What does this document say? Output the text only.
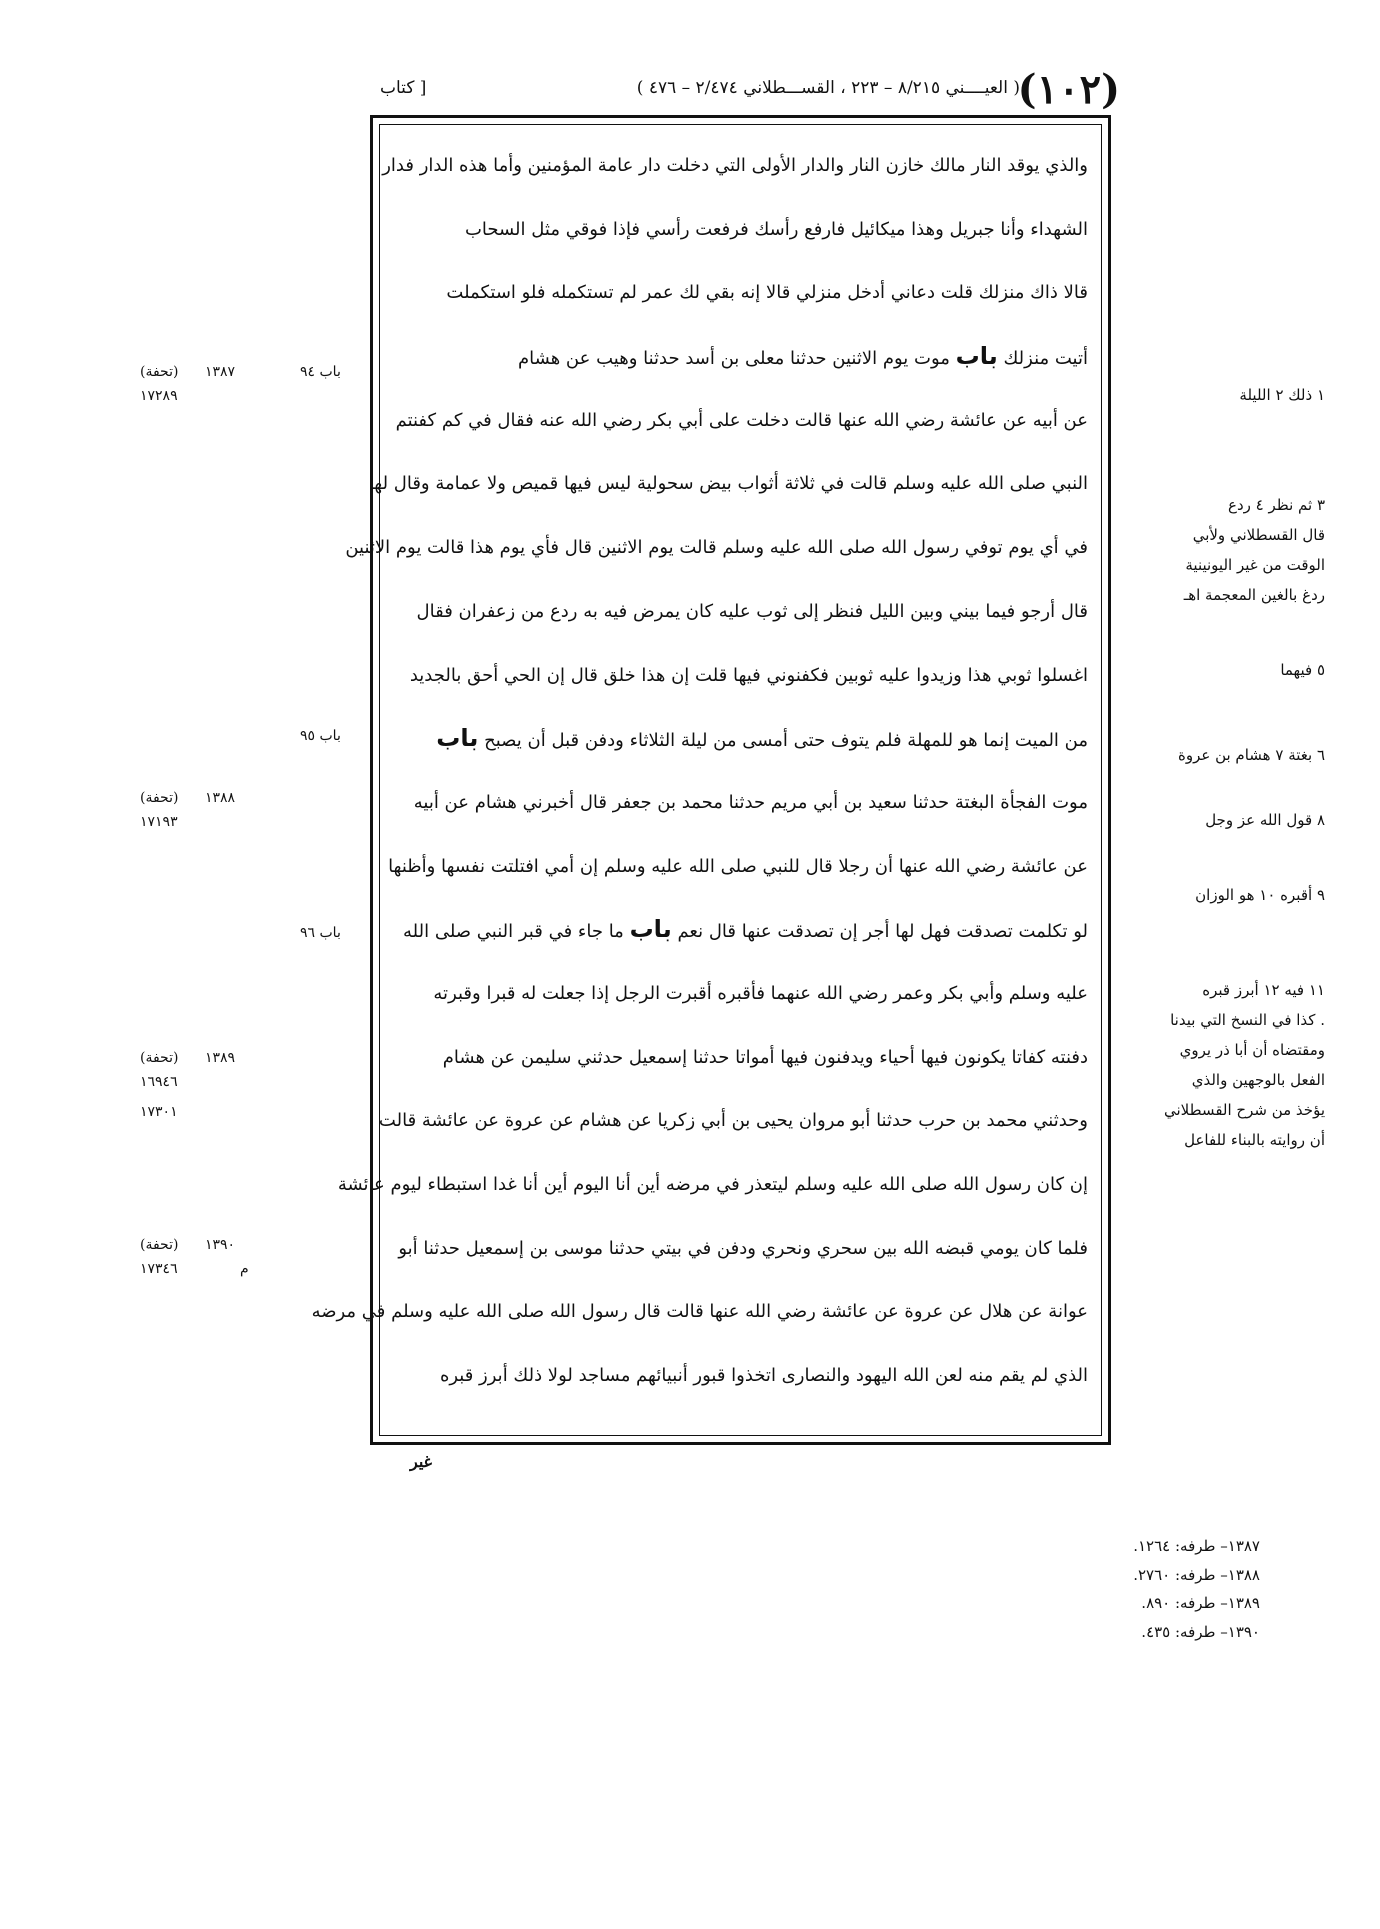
(١٠٢)
( العيــــني ٨/٢١٥ – ٢٢٣ ، القســـطلاني ٢/٤٧٤ – ٤٧٦ )
[ كتاب
والذي يوقد النار مالك خازن النار والدار الأولى التي دخلت دار عامة المؤمنين وأما هذه الدار فدار
الشهداء وأنا جبريل وهذا ميكائيل فارفع رأسك فرفعت رأسي فإذا فوقي مثل السحاب
قالا ذاك منزلك قلت دعاني أدخل منزلي قالا إنه بقي لك عمر لم تستكمله فلو استكملت
أتيت منزلك باب موت يوم الاثنين حدثنا معلى بن أسد حدثنا وهيب عن هشام
عن أبيه عن عائشة رضي الله عنها قالت دخلت على أبي بكر رضي الله عنه فقال في كم كفنتم
النبي صلى الله عليه وسلم قالت في ثلاثة أثواب بيض سحولية ليس فيها قميص ولا عمامة وقال لها
في أي يوم توفي رسول الله صلى الله عليه وسلم قالت يوم الاثنين قال فأي يوم هذا قالت يوم الاثنين
قال أرجو فيما بيني وبين الليل فنظر إلى ثوب عليه كان يمرض فيه به ردع من زعفران فقال
اغسلوا ثوبي هذا وزيدوا عليه ثوبين فكفنوني فيها قلت إن هذا خلق قال إن الحي أحق بالجديد
من الميت إنما هو للمهلة فلم يتوف حتى أمسى من ليلة الثلاثاء ودفن قبل أن يصبح باب
موت الفجأة البغتة حدثنا سعيد بن أبي مريم حدثنا محمد بن جعفر قال أخبرني هشام عن أبيه
عن عائشة رضي الله عنها أن رجلا قال للنبي صلى الله عليه وسلم إن أمي افتلتت نفسها وأظنها
لو تكلمت تصدقت فهل لها أجر إن تصدقت عنها قال نعم باب ما جاء في قبر النبي صلى الله
عليه وسلم وأبي بكر وعمر رضي الله عنهما فأقبره أقبرت الرجل إذا جعلت له قبرا وقبرته
دفنته كفاتا يكونون فيها أحياء ويدفنون فيها أمواتا حدثنا إسمعيل حدثني سليمن عن هشام
وحدثني محمد بن حرب حدثنا أبو مروان يحيى بن أبي زكريا عن هشام عن عروة عن عائشة قالت
إن كان رسول الله صلى الله عليه وسلم ليتعذر في مرضه أين أنا اليوم أين أنا غدا استبطاء ليوم عائشة
فلما كان يومي قبضه الله بين سحري ونحري ودفن في بيتي حدثنا موسى بن إسمعيل حدثنا أبو
عوانة عن هلال عن عروة عن عائشة رضي الله عنها قالت قال رسول الله صلى الله عليه وسلم في مرضه
الذي لم يقم منه لعن الله اليهود والنصارى اتخذوا قبور أنبيائهم مساجد لولا ذلك أبرز قبره
باب ٩٤
١٣٨٧
(تحفة)
١٧٢٨٩
باب ٩٥
١٣٨٨
(تحفة)
١٧١٩٣
باب ٩٦
١٣٨٩
(تحفة)
١٦٩٤٦
١٧٣٠١
١٣٩٠
(تحفة)
م
١٧٣٤٦

١ ذلك ٢ الليلة

٣ ثم نظر ٤ ردع

قال القسطلاني ولأبي

الوقت من غير اليونينية

ردغ بالغين المعجمة اهـ

٥ فيهما

٦ بغتة ٧ هشام بن عروة

٨ قول الله عز وجل

٩ أقبره ١٠ هو الوزان

١١ فيه ١٢ أبرز قبره

. كذا في النسخ التي بيدنا

ومقتضاه أن أبا ذر يروي

الفعل بالوجهين والذي

يؤخذ من شرح القسطلاني

أن روايته بالبناء للفاعل

غير

١٣٨٧– طرفه: ١٢٦٤.

١٣٨٨– طرفه: ٢٧٦٠.

١٣٨٩– طرفه: ٨٩٠.

١٣٩٠– طرفه: ٤٣٥.
